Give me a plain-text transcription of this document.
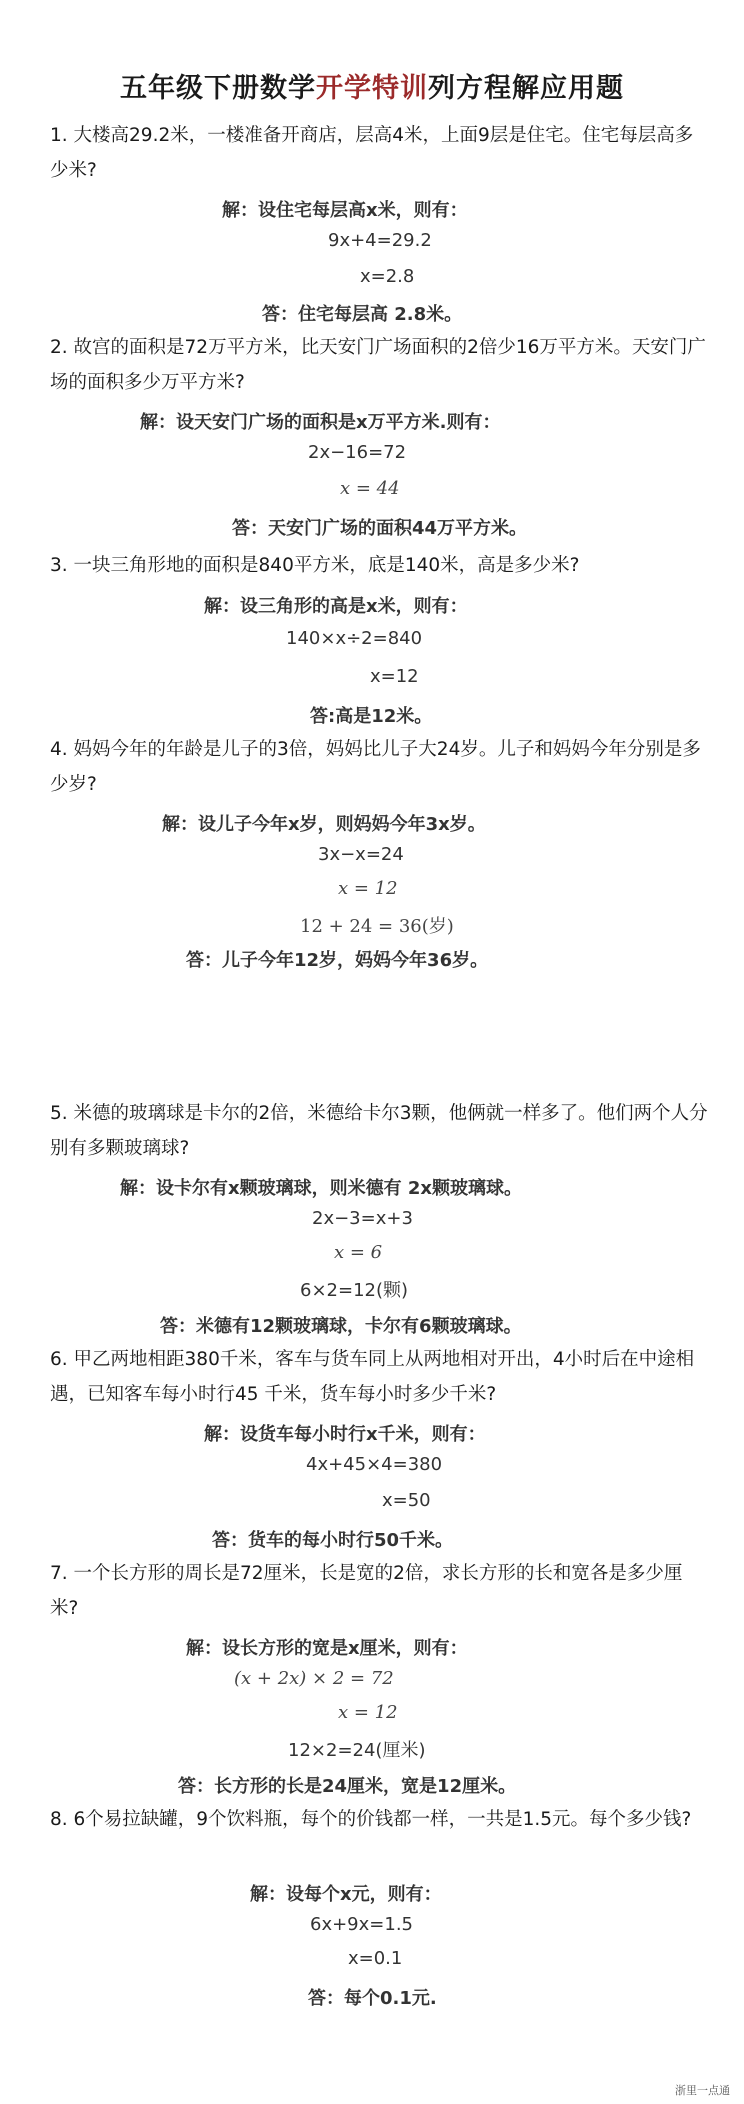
五年级下册数学开学特训列方程解应用题
1. 大楼高29.2米，一楼准备开商店，层高4米，上面9层是住宅。住宅每层高多少米?
解：设住宅每层高x米，则有：
9x+4=29.2
x=2.8
答：住宅每层高 2.8米。
2. 故宫的面积是72万平方米，比天安门广场面积的2倍少16万平方米。天安门广场的面积多少万平方米?
解：设天安门广场的面积是x万平方米.则有：
2x−16=72
x = 44
答：天安门广场的面积44万平方米。
3. 一块三角形地的面积是840平方米，底是140米，高是多少米?
解：设三角形的高是x米，则有：
140×x÷2=840
x=12
答:高是12米。
4. 妈妈今年的年龄是儿子的3倍，妈妈比儿子大24岁。儿子和妈妈今年分别是多少岁?
解：设儿子今年x岁，则妈妈今年3x岁。
3x−x=24
x = 12
12 + 24 = 36(岁)
答：儿子今年12岁，妈妈今年36岁。
5. 米德的玻璃球是卡尔的2倍，米德给卡尔3颗，他俩就一样多了。他们两个人分别有多颗玻璃球?
解：设卡尔有x颗玻璃球，则米德有 2x颗玻璃球。
2x−3=x+3
x = 6
6×2=12(颗)
答：米德有12颗玻璃球，卡尔有6颗玻璃球。
6. 甲乙两地相距380千米，客车与货车同上从两地相对开出，4小时后在中途相遇，已知客车每小时行45 千米，货车每小时多少千米?
解：设货车每小时行x千米，则有：
4x+45×4=380
x=50
答：货车的每小时行50千米。
7. 一个长方形的周长是72厘米，长是宽的2倍，求长方形的长和宽各是多少厘米?
解：设长方形的宽是x厘米，则有：
(x + 2x) × 2 = 72
x = 12
12×2=24(厘米)
答：长方形的长是24厘米，宽是12厘米。
8. 6个易拉缺罐，9个饮料瓶，每个的价钱都一样，一共是1.5元。每个多少钱?
解：设每个x元，则有：
6x+9x=1.5
x=0.1
答：每个0.1元.
浙里一点通
